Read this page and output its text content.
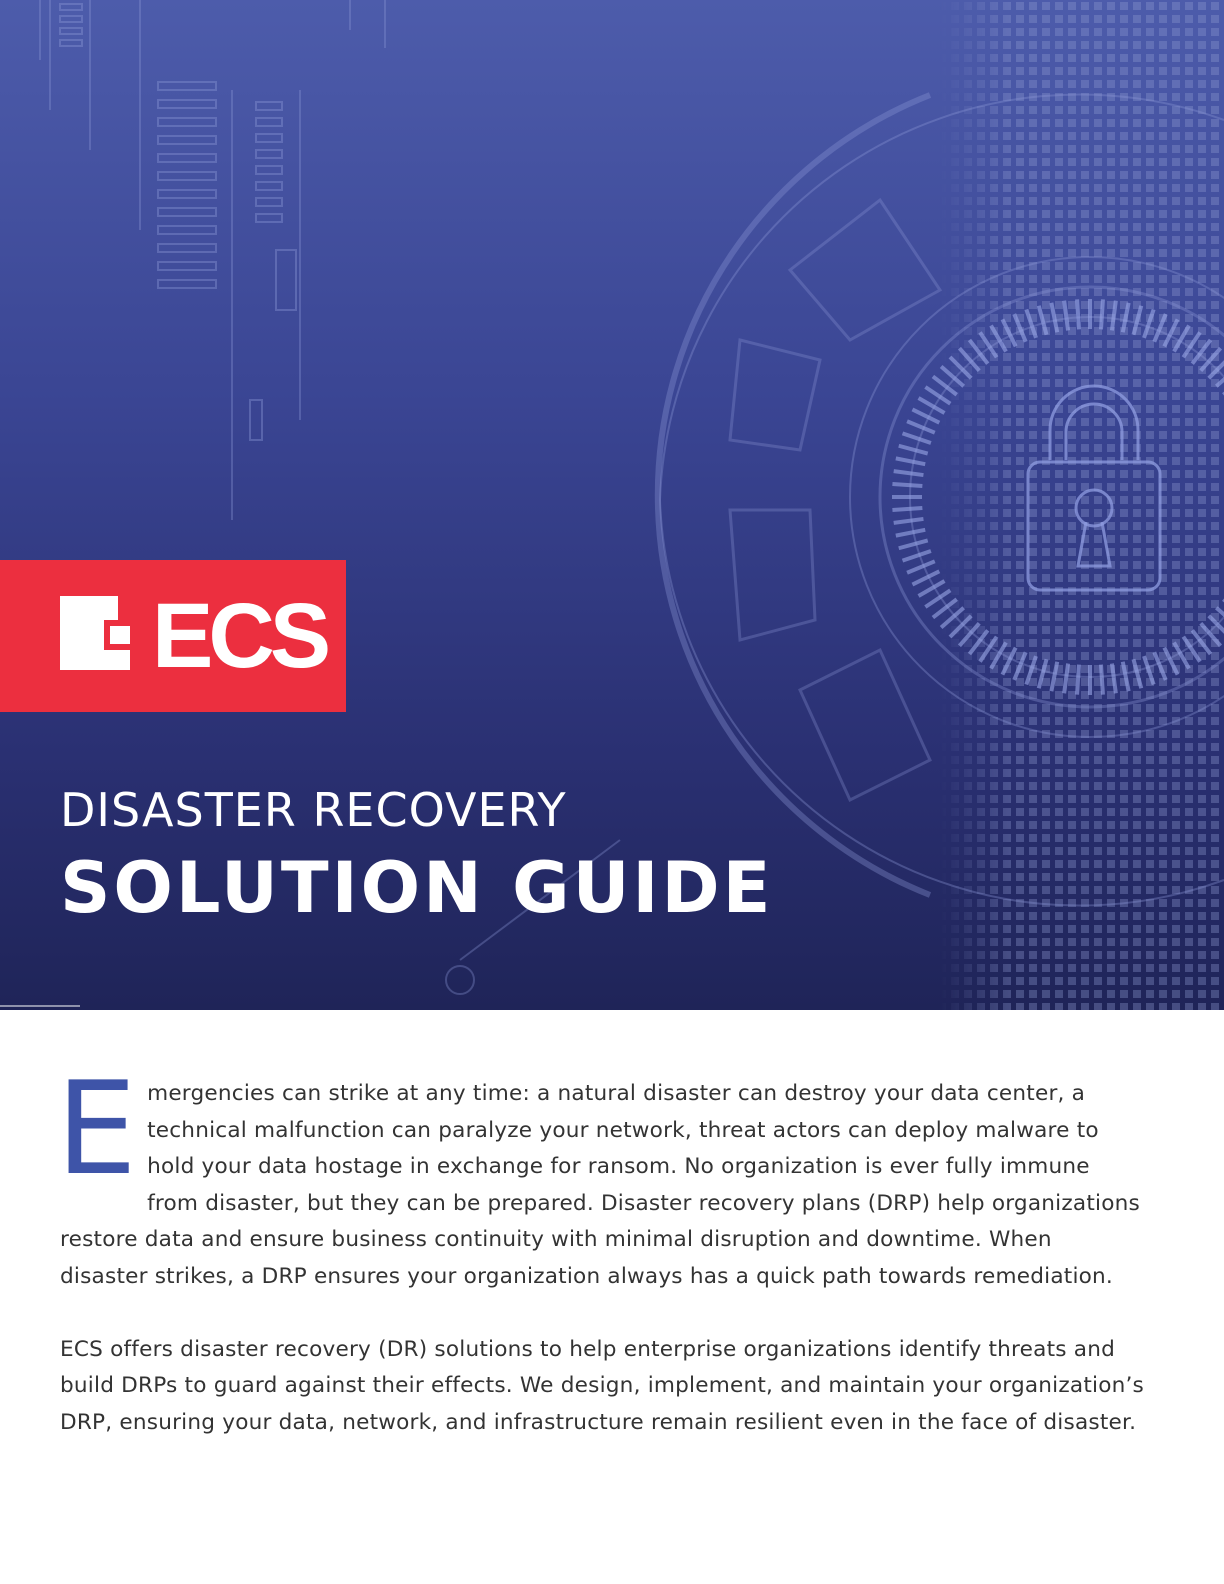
ECS
DISASTER RECOVERY
SOLUTION GUIDE

Emergencies can strike at any time: a natural disaster can destroy your data center, a technical malfunction can paralyze your network, threat actors can deploy malware to hold your data hostage in exchange for ransom. No organization is ever fully immune from disaster, but they can be prepared. Disaster recovery plans (DRP) help organizations restore data and ensure business continuity with minimal disruption and downtime. When disaster strikes, a DRP ensures your organization always has a quick path towards remediation.

ECS offers disaster recovery (DR) solutions to help enterprise organizations identify threats and build DRPs to guard against their effects. We design, implement, and maintain your organization’s DRP, ensuring your data, network, and infrastructure remain resilient even in the face of disaster.
